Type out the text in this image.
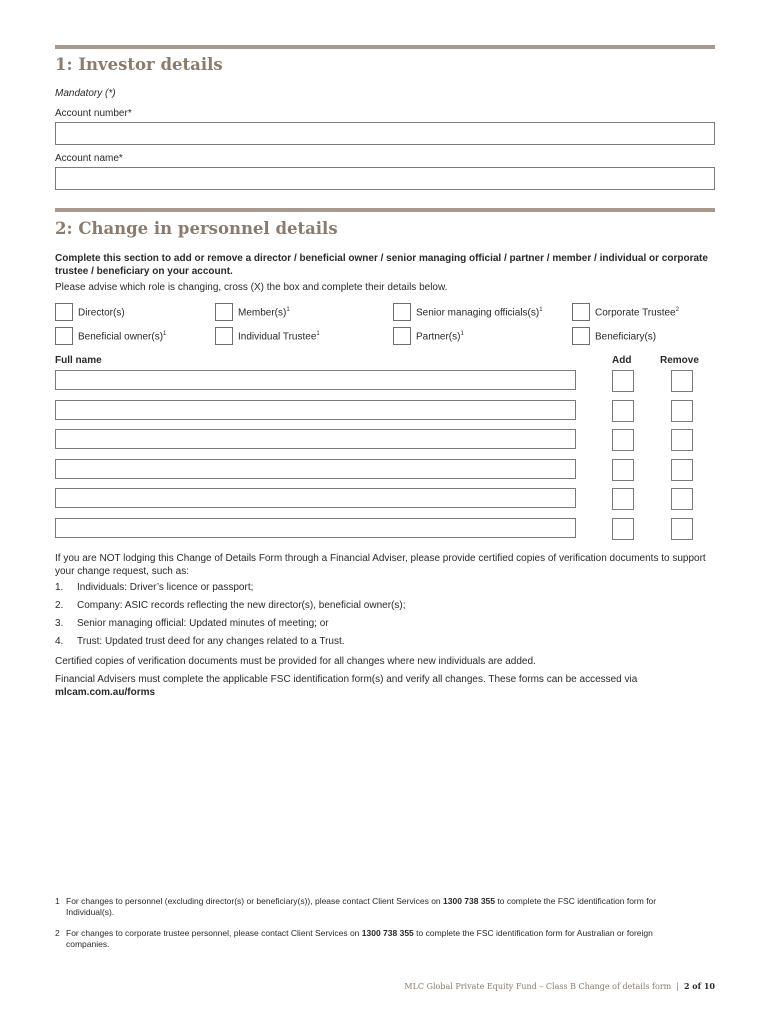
1: Investor details
Mandatory (*)
Account number*
Account name*
2: Change in personnel details
Complete this section to add or remove a director / beneficial owner / senior managing official / partner / member / individual or corporate trustee / beneficiary on your account.
Please advise which role is changing, cross (X) the box and complete their details below.
Director(s)	$Member(s)^1$	Senior managing $officials(s)^1$	Corporate Trustee$^2$
Beneficial $owner(s)^1$	Individual Trustee$^1$	$Partner(s)^1$	Beneficiary(s)
Full name	Add	Remove
If you are NOT lodging this Change of Details Form through a Financial Adviser, please provide certified copies of verification documents to support your change request, such as:
1. Individuals: Driver’s licence or passport;
2. Company: ASIC records reflecting the new director(s), beneficial owner(s);
3. Senior managing official: Updated minutes of meeting; or
4. Trust: Updated trust deed for any changes related to a Trust.
Certified copies of verification documents must be provided for all changes where new individuals are added.
Financial Advisers must complete the applicable FSC identification form(s) and verify all changes. These forms can be accessed via
mlcam.com.au/forms
1 For changes to personnel (excluding director(s) or beneficiary(s)), please contact Client Services on 1300 738 355 to complete the FSC identification form for Individual(s).
2 For changes to corporate trustee personnel, please contact Client Services on 1300 738 355 to complete the FSC identification form for Australian or foreign companies.
MLC Global Private Equity Fund – Class B Change of details form | 2 of 10
